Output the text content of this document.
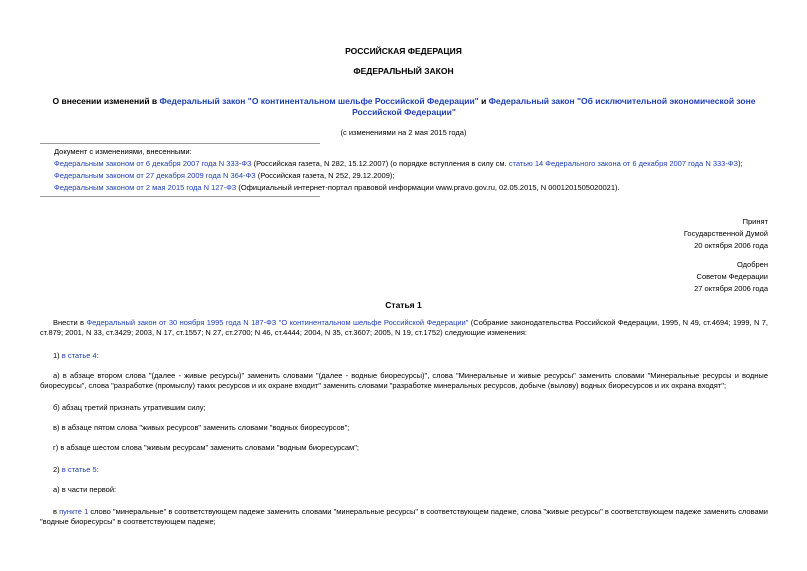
РОССИЙСКАЯ ФЕДЕРАЦИЯ
ФЕДЕРАЛЬНЫЙ ЗАКОН
О внесении изменений в Федеральный закон "О континентальном шельфе Российской Федерации" и Федеральный закон "Об исключительной экономической зоне Российской Федерации"
(с изменениями на 2 мая 2015 года)
Документ с изменениями, внесенными:
Федеральным законом от 6 декабря 2007 года N 333-ФЗ (Российская газета, N 282, 15.12.2007) (о порядке вступления в силу см. статью 14 Федерального закона от 6 декабря 2007 года N 333-ФЗ);
Федеральным законом от 27 декабря 2009 года N 364-ФЗ (Российская газета, N 252, 29.12.2009);
Федеральным законом от 2 мая 2015 года N 127-ФЗ (Официальный интернет-портал правовой информации www.pravo.gov.ru, 02.05.2015, N 0001201505020021).
Принят
Государственной Думой
20 октября 2006 года
Одобрен
Советом Федерации
27 октября 2006 года
Статья 1
Внести в Федеральный закон от 30 ноября 1995 года N 187-ФЗ "О континентальном шельфе Российской Федерации" (Собрание законодательства Российской Федерации, 1995, N 49, ст.4694; 1999, N 7, ст.879; 2001, N 33, ст.3429; 2003, N 17, ст.1557; N 27, ст.2700; N 46, ст.4444; 2004, N 35, ст.3607; 2005, N 19, ст.1752) следующие изменения:
1) в статье 4:
а) в абзаце втором слова "(далее - живые ресурсы)" заменить словами "(далее - водные биоресурсы)", слова "Минеральные и живые ресурсы" заменить словами "Минеральные ресурсы и водные биоресурсы", слова "разработке (промыслу) таких ресурсов и их охране входит" заменить словами "разработке минеральных ресурсов, добыче (вылову) водных биоресурсов и их охрана входят";
б) абзац третий признать утратившим силу;
в) в абзаце пятом слова "живых ресурсов" заменить словами "водных биоресурсов";
г) в абзаце шестом слова "живым ресурсам" заменить словами "водным биоресурсам";
2) в статье 5:
а) в части первой:
в пункте 1 слово "минеральные" в соответствующем падеже заменить словами "минеральные ресурсы" в соответствующем падеже, слова "живые ресурсы" в соответствующем падеже заменить словами "водные биоресурсы" в соответствующем падеже;
